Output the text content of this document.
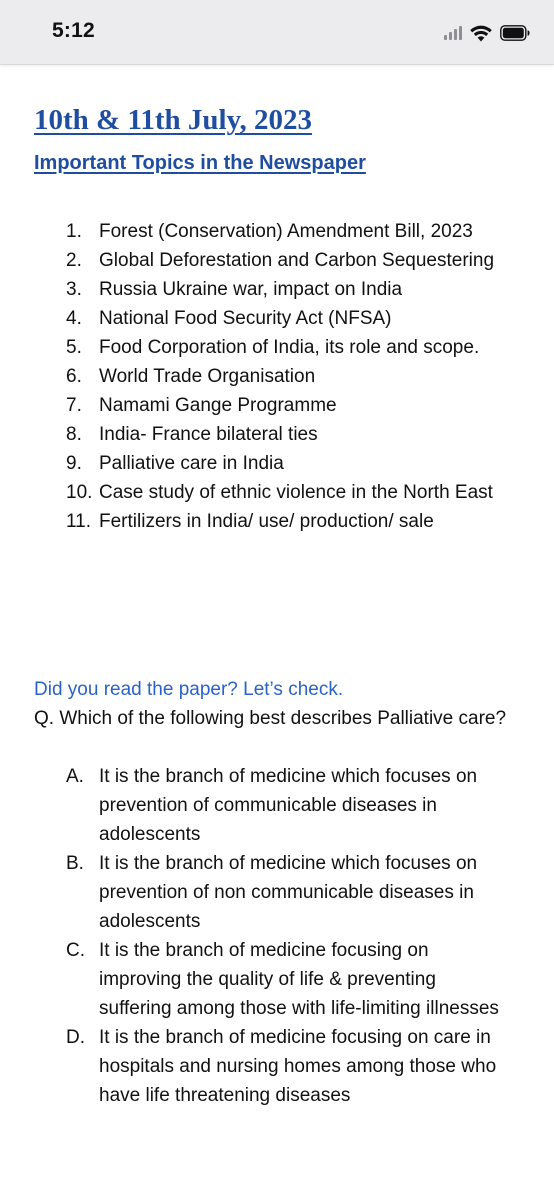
5:12
10th & 11th July, 2023
Important Topics in the Newspaper
1. Forest (Conservation) Amendment Bill, 2023
2. Global Deforestation and Carbon Sequestering
3. Russia Ukraine war, impact on India
4. National Food Security Act (NFSA)
5. Food Corporation of India, its role and scope.
6. World Trade Organisation
7. Namami Gange Programme
8. India- France bilateral ties
9. Palliative care in India
10. Case study of ethnic violence in the North East
11. Fertilizers in India/ use/ production/ sale
Did you read the paper? Let’s check.
Q. Which of the following best describes Palliative care?
A. It is the branch of medicine which focuses on prevention of communicable diseases in adolescents
B. It is the branch of medicine which focuses on prevention of non communicable diseases in adolescents
C. It is the branch of medicine focusing on improving the quality of life & preventing suffering among those with life-limiting illnesses
D. It is the branch of medicine focusing on care in hospitals and nursing homes among those who have life threatening diseases
